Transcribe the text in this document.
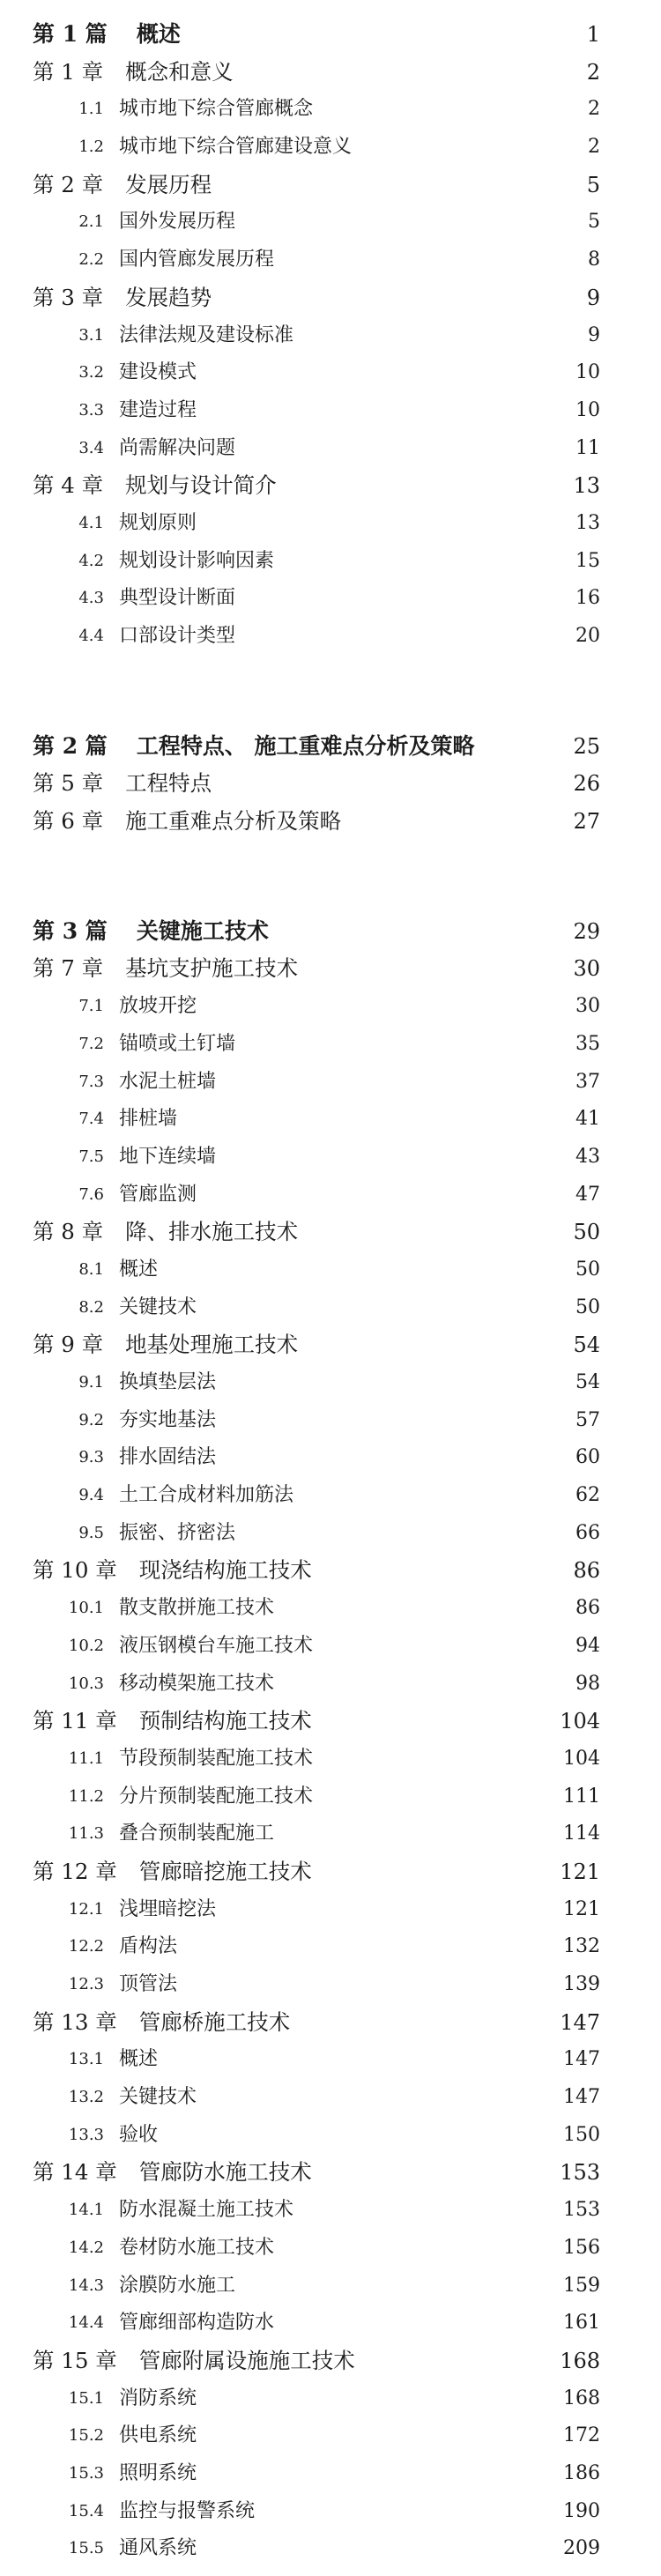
第 1 篇 概述	1
第 1 章 概念和意义	2
1.1 城市地下综合管廊概念	2
1.2 城市地下综合管廊建设意义	2
第 2 章 发展历程	5
2.1 国外发展历程	5
2.2 国内管廊发展历程	8
第 3 章 发展趋势	9
3.1 法律法规及建设标准	9
3.2 建设模式	10
3.3 建造过程	10
3.4 尚需解决问题	11
第 4 章 规划与设计简介	13
4.1 规划原则	13
4.2 规划设计影响因素	15
4.3 典型设计断面	16
4.4 口部设计类型	20
第 2 篇 工程特点、 施工重难点分析及策略	25
第 5 章 工程特点	26
第 6 章 施工重难点分析及策略	27
第 3 篇 关键施工技术	29
第 7 章 基坑支护施工技术	30
7.1 放坡开挖	30
7.2 锚喷或土钉墙	35
7.3 水泥土桩墙	37
7.4 排桩墙	41
7.5 地下连续墙	43
7.6 管廊监测	47
第 8 章 降、排水施工技术	50
8.1 概述	50
8.2 关键技术	50
第 9 章 地基处理施工技术	54
9.1 换填垫层法	54
9.2 夯实地基法	57
9.3 排水固结法	60
9.4 土工合成材料加筋法	62
9.5 振密、挤密法	66
第 10 章 现浇结构施工技术	86
10.1 散支散拼施工技术	86
10.2 液压钢模台车施工技术	94
10.3 移动模架施工技术	98
第 11 章 预制结构施工技术	104
11.1 节段预制装配施工技术	104
11.2 分片预制装配施工技术	111
11.3 叠合预制装配施工	114
第 12 章 管廊暗挖施工技术	121
12.1 浅埋暗挖法	121
12.2 盾构法	132
12.3 顶管法	139
第 13 章 管廊桥施工技术	147
13.1 概述	147
13.2 关键技术	147
13.3 验收	150
第 14 章 管廊防水施工技术	153
14.1 防水混凝土施工技术	153
14.2 卷材防水施工技术	156
14.3 涂膜防水施工	159
14.4 管廊细部构造防水	161
第 15 章 管廊附属设施施工技术	168
15.1 消防系统	168
15.2 供电系统	172
15.3 照明系统	186
15.4 监控与报警系统	190
15.5 通风系统	209
